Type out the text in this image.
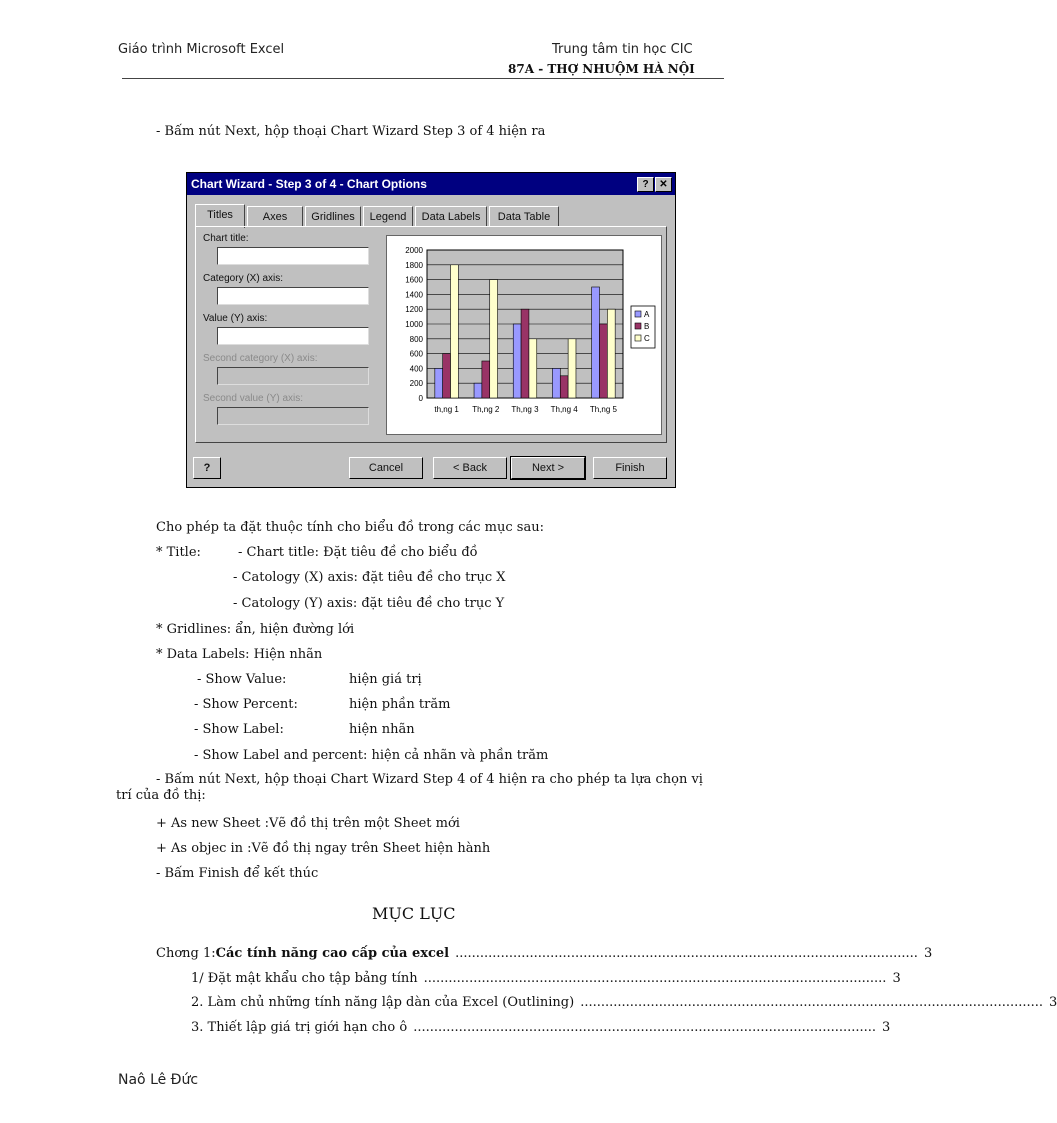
Giáo trình Microsoft Excel	Trung tâm tin học CIC
87A - THỢ NHUỘM HÀ NỘI
- Bấm nút Next, hộp thoại Chart Wizard Step 3 of 4 hiện ra
Chart Wizard - Step 3 of 4 - Chart Options	?	✕
Titles	Axes	Gridlines	Legend	Data Labels	Data Table
Chart title:
Category (X) axis:
Value (Y) axis:
Second category (X) axis:
Second value (Y) axis:
2000
1800
1600
1400
1200
1000
800
600
400
200
0
th,ng 1 Th,ng 2 Th,ng 3 Th,ng 4 Th,ng 5
A
B
C
?	Cancel	< Back	Next >	Finish
Cho phép ta đặt thuộc tính cho biểu đồ trong các mục sau:
* Title:	- Chart title: Đặt tiêu đề cho biểu đồ
- Catology (X) axis: đặt tiêu đề cho trục X
- Catology (Y) axis: đặt tiêu đề cho trục Y
* Gridlines: ẩn, hiện đường lới
* Data Labels: Hiện nhãn
- Show Value:	hiện giá trị
- Show Percent:	hiện phần trăm
- Show Label:	hiện nhãn
- Show Label and percent: hiện cả nhãn và phần trăm
- Bấm nút Next, hộp thoại Chart Wizard Step 4 of 4 hiện ra cho phép ta lựa chọn vị
trí của đồ thị:
+ As new Sheet :Vẽ đồ thị trên một Sheet mới
+ As objec in :Vẽ đồ thị ngay trên Sheet hiện hành
- Bấm Finish để kết thúc
MỤC LỤC
Chơng 1: Các tính năng cao cấp của excel ................................................................................................................ 3
1/ Đặt mật khẩu cho tập bảng tính ................................................................................................................ 3
2. Làm chủ những tính năng lập dàn của Excel (Outlining) ................................................................................................................ 3
3. Thiết lập giá trị giới hạn cho ô ................................................................................................................ 3
Naô Lê Đức
